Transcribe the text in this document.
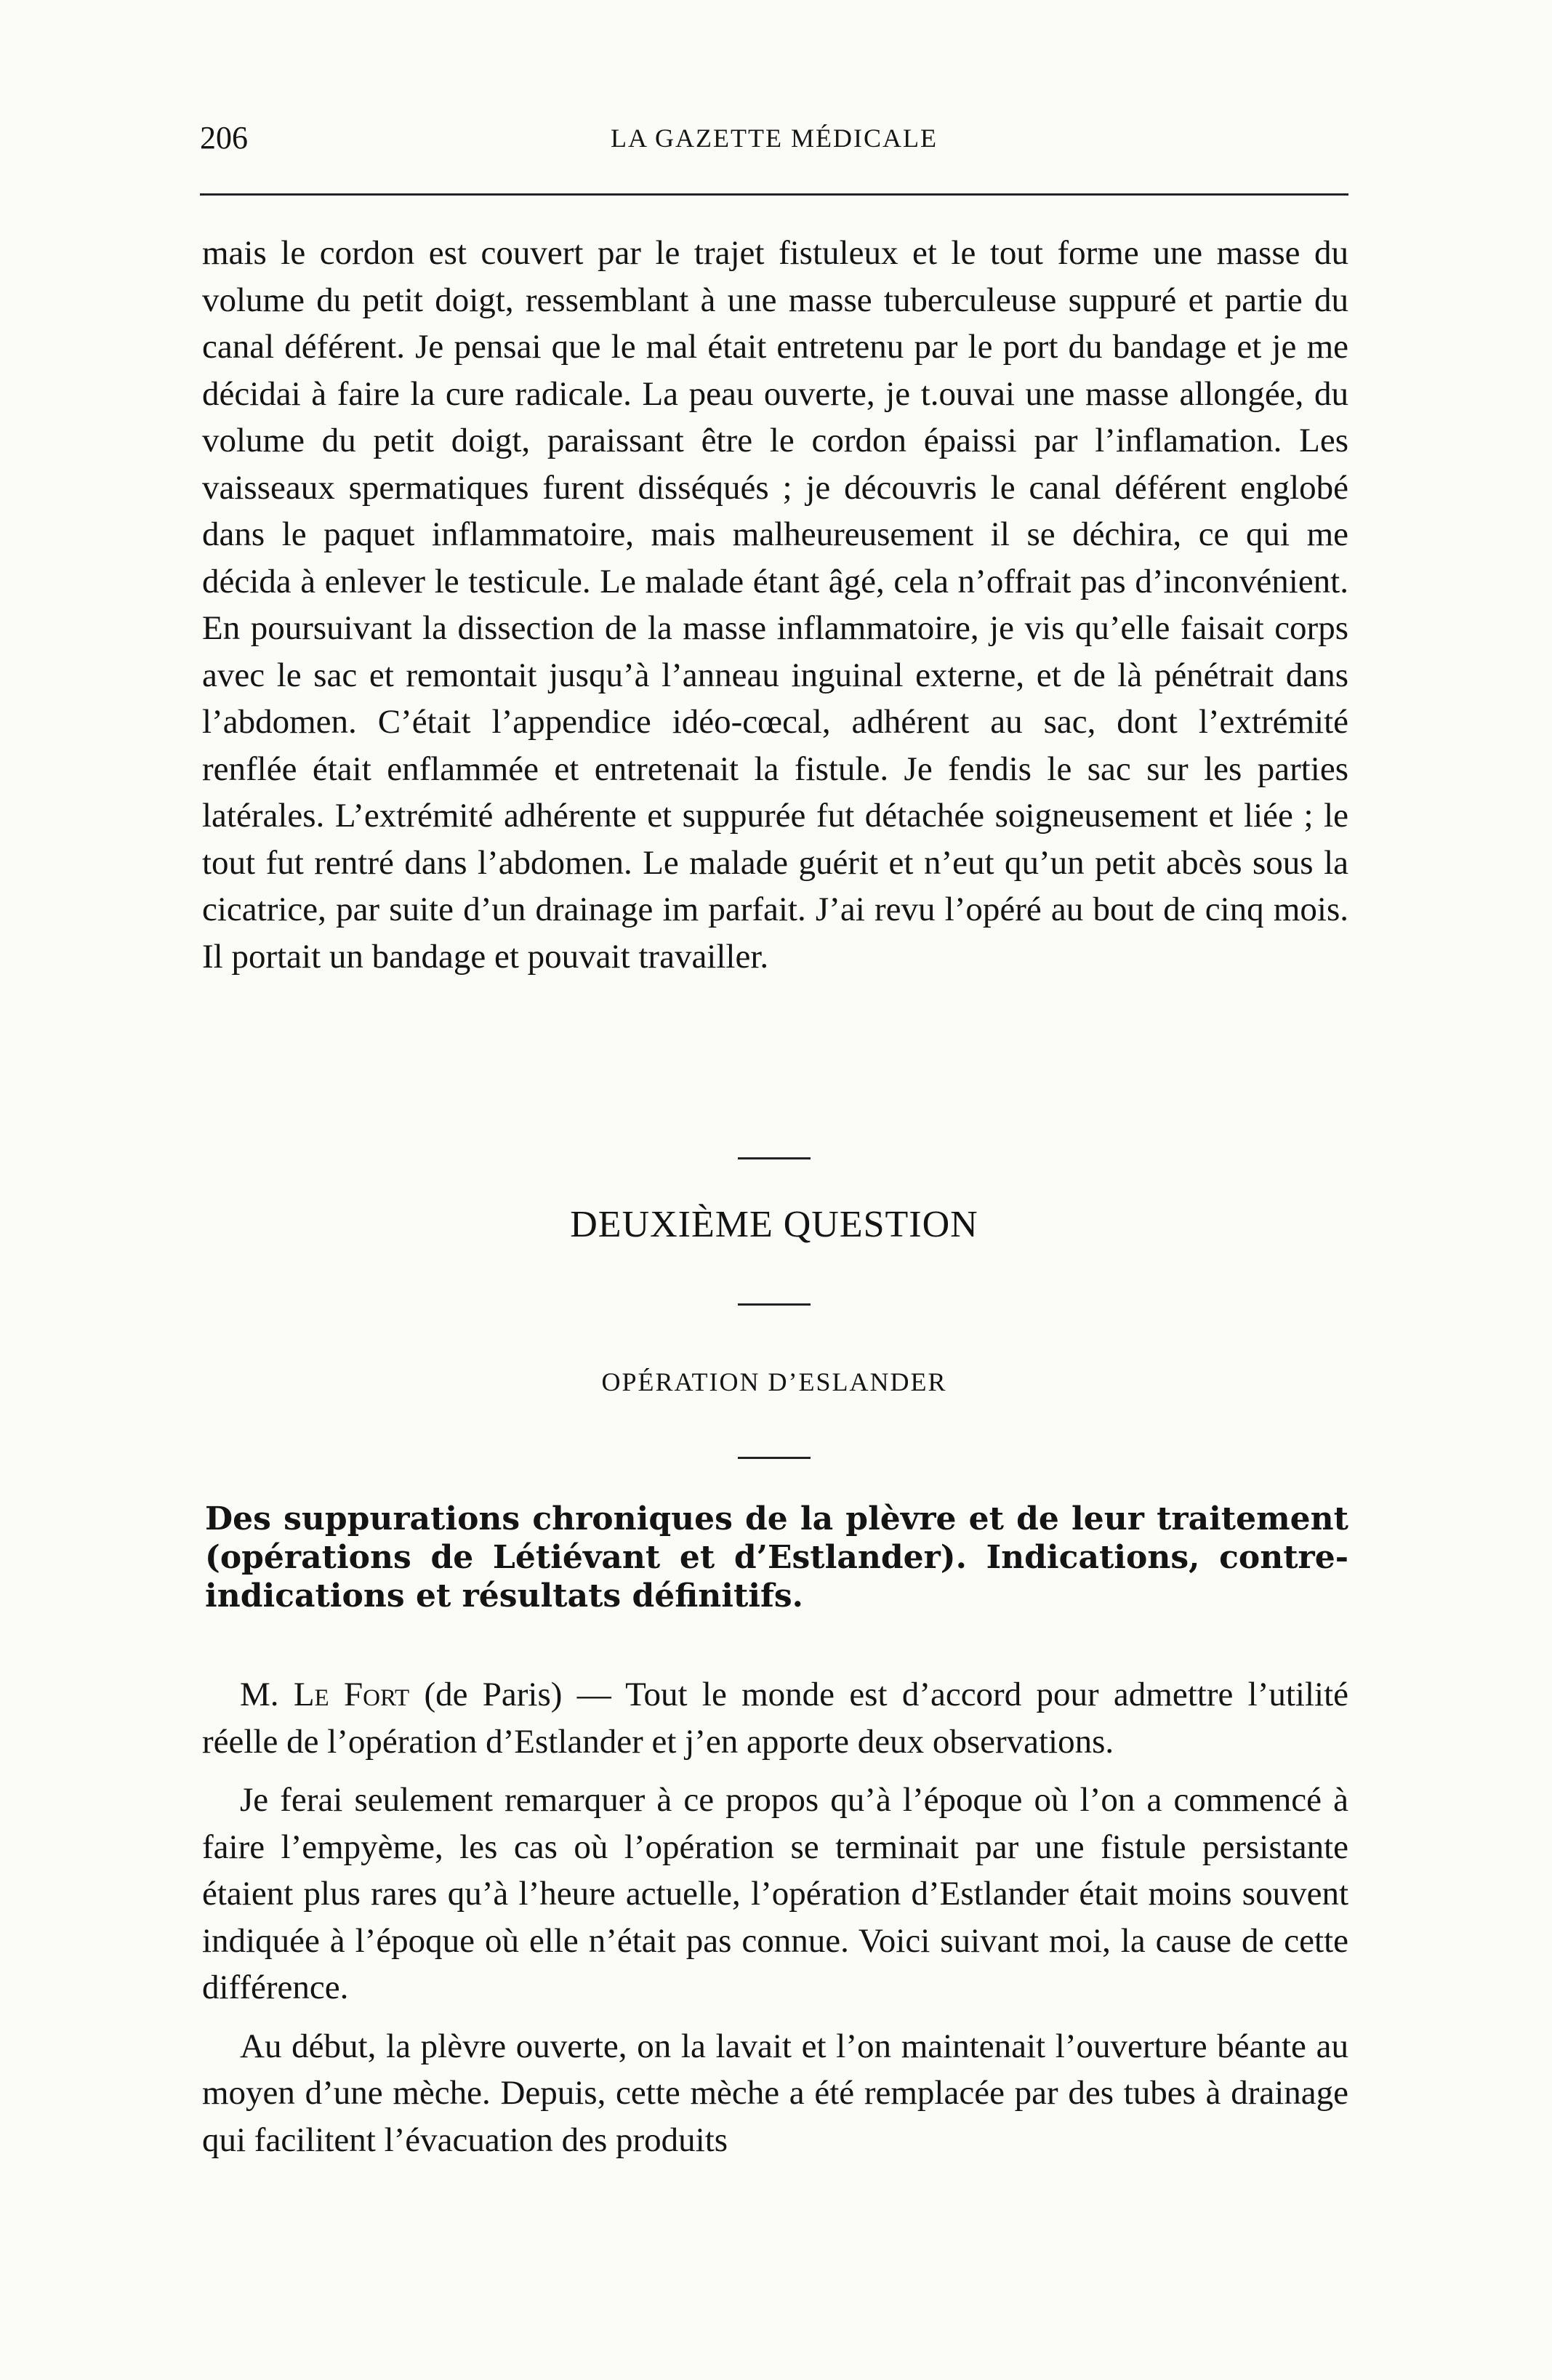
206	LA GAZETTE MÉDICALE

mais le cordon est couvert par le trajet fistuleux et le tout forme une masse du volume du petit doigt, ressemblant à une masse tuberculeuse suppuré et partie du canal déférent. Je pensai que le mal était entretenu par le port du bandage et je me décidai à faire la cure radicale. La peau ouverte, je t.ouvai une masse allongée, du volume du petit doigt, paraissant être le cordon épaissi par l’inflamation. Les vaisseaux spermatiques furent disséqués ; je découvris le canal déférent englobé dans le paquet inflammatoire, mais malheureusement il se déchira, ce qui me décida à enlever le testicule. Le malade étant âgé, cela n’offrait pas d’inconvénient. En poursuivant la dissection de la masse inflammatoire, je vis qu’elle faisait corps avec le sac et remontait jusqu’à l’anneau inguinal externe, et de là pénétrait dans l’abdomen. C’était l’appendice idéo-cœcal, adhérent au sac, dont l’extrémité renflée était enflammée et entretenait la fistule. Je fendis le sac sur les parties latérales. L’extrémité adhérente et suppurée fut détachée soigneusement et liée ; le tout fut rentré dans l’abdomen. Le malade guérit et n’eut qu’un petit abcès sous la cicatrice, par suite d’un drainage im parfait. J’ai revu l’opéré au bout de cinq mois. Il portait un bandage et pouvait travailler.

DEUXIÈME QUESTION
OPÉRATION D’ESLANDER
Des suppurations chroniques de la plèvre et de leur traitement (opérations de Létiévant et d’Estlander). Indications, contre-indications et résultats définitifs.

M. Le Fort (de Paris) — Tout le monde est d’accord pour admettre l’utilité réelle de l’opération d’Estlander et j’en apporte deux observations.

Je ferai seulement remarquer à ce propos qu’à l’époque où l’on a commencé à faire l’empyème, les cas où l’opération se terminait par une fistule persistante étaient plus rares qu’à l’heure actuelle, l’opération d’Estlander était moins souvent indiquée à l’époque où elle n’était pas connue. Voici suivant moi, la cause de cette différence.

Au début, la plèvre ouverte, on la lavait et l’on maintenait l’ouverture béante au moyen d’une mèche. Depuis, cette mèche a été remplacée par des tubes à drainage qui facilitent l’évacuation des produits
